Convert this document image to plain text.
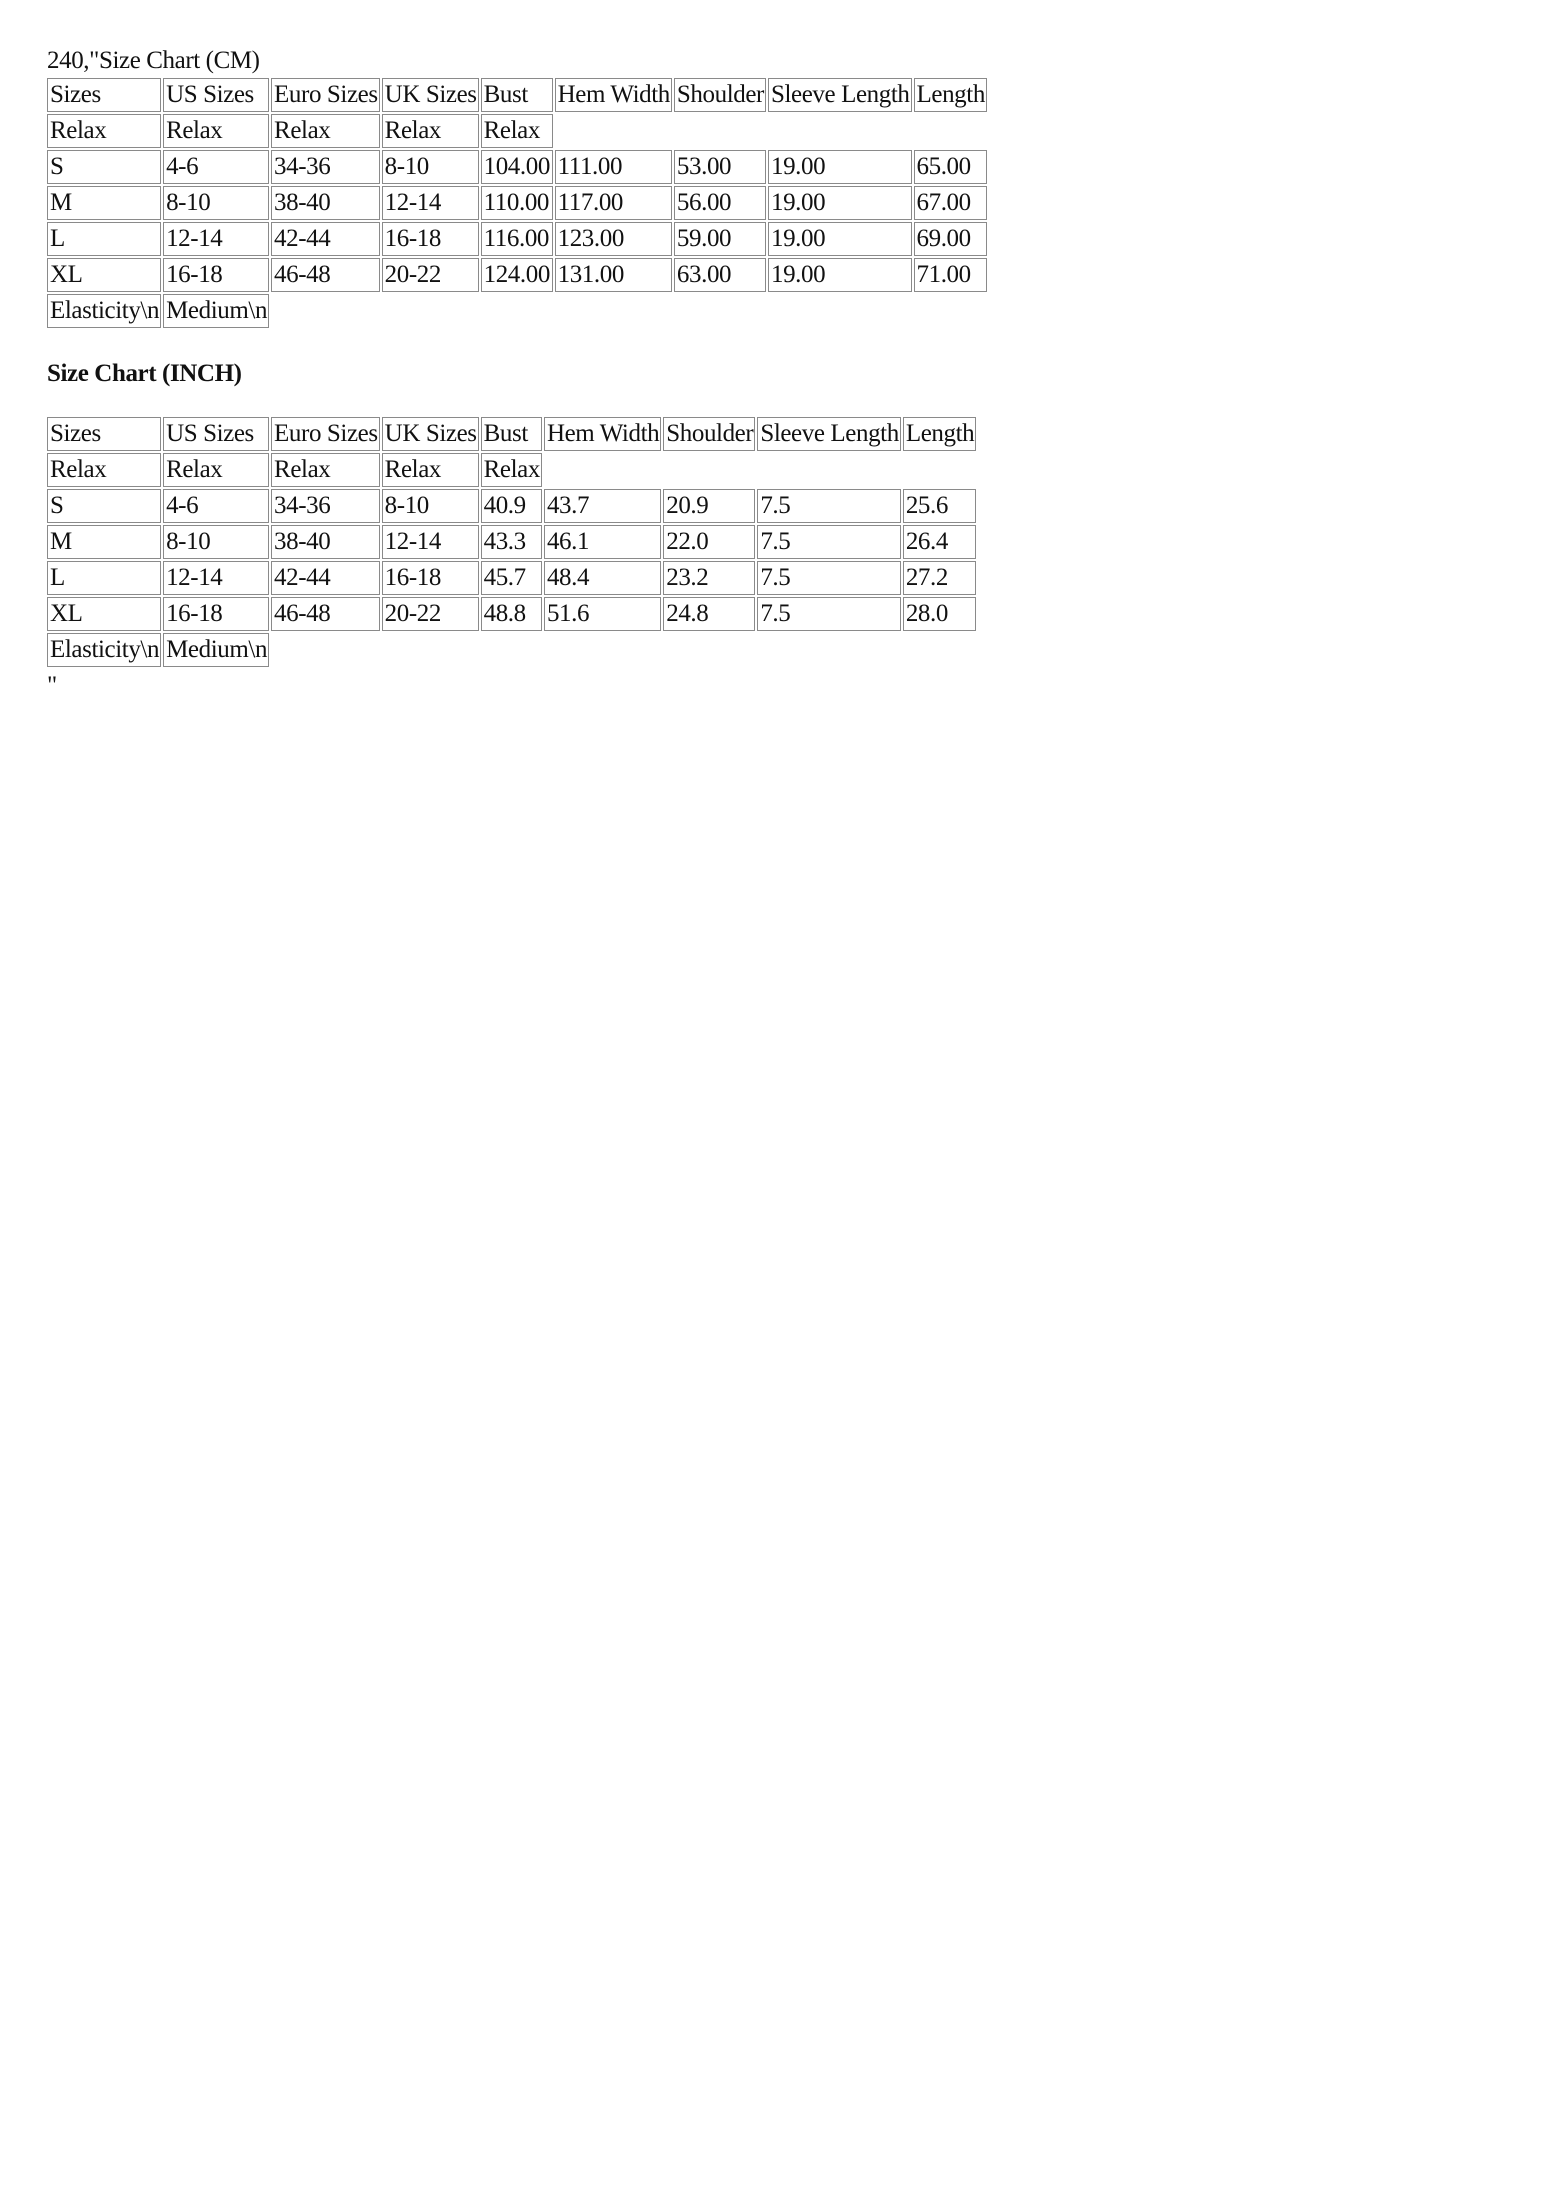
240,"Size Chart (CM)
Sizes	US Sizes	Euro Sizes	UK Sizes	Bust	Hem Width	Shoulder	Sleeve Length	Length
Relax	Relax	Relax	Relax	Relax				
S	4-6	34-36	8-10	104.00	111.00	53.00	19.00	65.00
M	8-10	38-40	12-14	110.00	117.00	56.00	19.00	67.00
L	12-14	42-44	16-18	116.00	123.00	59.00	19.00	69.00
XL	16-18	46-48	20-22	124.00	131.00	63.00	19.00	71.00
Elasticity\n	Medium\n							
Size Chart (INCH)
Sizes	US Sizes	Euro Sizes	UK Sizes	Bust	Hem Width	Shoulder	Sleeve Length	Length
Relax	Relax	Relax	Relax	Relax				
S	4-6	34-36	8-10	40.9	43.7	20.9	7.5	25.6
M	8-10	38-40	12-14	43.3	46.1	22.0	7.5	26.4
L	12-14	42-44	16-18	45.7	48.4	23.2	7.5	27.2
XL	16-18	46-48	20-22	48.8	51.6	24.8	7.5	28.0
Elasticity\n	Medium\n							
"
